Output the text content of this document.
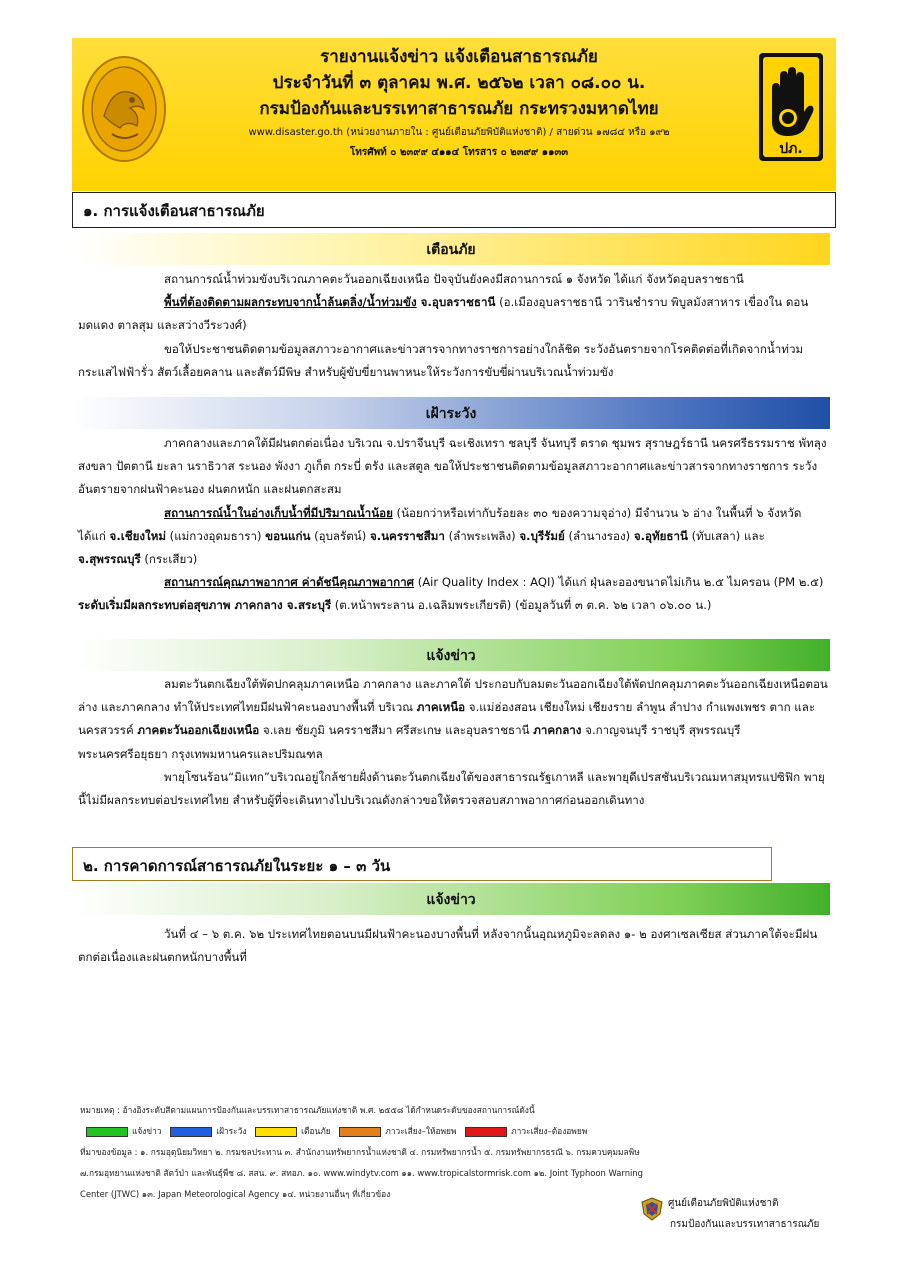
รายงานแจ้งข่าว แจ้งเตือนสาธารณภัย
ประจำวันที่ ๓ ตุลาคม พ.ศ. ๒๕๖๒ เวลา ๐๘.๐๐ น.
กรมป้องกันและบรรเทาสาธารณภัย กระทรวงมหาดไทย
www.disaster.go.th (หน่วยงานภายใน : ศูนย์เตือนภัยพิบัติแห่งชาติ) / สายด่วน ๑๗๘๔ หรือ ๑๙๒
โทรศัพท์ ๐ ๒๓๙๙ ๔๑๑๔ โทรสาร ๐ ๒๓๙๙ ๑๑๓๓	ปภ.
๑. การแจ้งเตือนสาธารณภัย
เตือนภัย

สถานการณ์น้ำท่วมขังบริเวณภาคตะวันออกเฉียงเหนือ ปัจจุบันยังคงมีสถานการณ์ ๑ จังหวัด ได้แก่ จังหวัดอุบลราชธานี

พื้นที่ต้องติดตามผลกระทบจากน้ำล้นตลิ่ง/น้ำท่วมขัง จ.อุบลราชธานี (อ.เมืองอุบลราชธานี วารินชำราบ พิบูลมังสาหาร เขื่องใน ดอนมดแดง ตาลสุม และสว่างวีระวงศ์)

ขอให้ประชาชนติดตามข้อมูลสภาวะอากาศและข่าวสารจากทางราชการอย่างใกล้ชิด ระวังอันตรายจากโรคติดต่อที่เกิดจากน้ำท่วม กระแสไฟฟ้ารั่ว สัตว์เลื้อยคลาน และสัตว์มีพิษ สำหรับผู้ขับขี่ยานพาหนะให้ระวังการขับขี่ผ่านบริเวณน้ำท่วมขัง

เฝ้าระวัง

ภาคกลางและภาคใต้มีฝนตกต่อเนื่อง บริเวณ จ.ปราจีนบุรี ฉะเชิงเทรา ชลบุรี จันทบุรี ตราด ชุมพร สุราษฎร์ธานี นครศรีธรรมราช พัทลุง สงขลา ปัตตานี ยะลา นราธิวาส ระนอง พังงา ภูเก็ต กระบี่ ตรัง และสตูล ขอให้ประชาชนติดตามข้อมูลสภาวะอากาศและข่าวสารจากทางราชการ ระวังอันตรายจากฝนฟ้าคะนอง ฝนตกหนัก และฝนตกสะสม

สถานการณ์น้ำในอ่างเก็บน้ำที่มีปริมาณน้ำน้อย (น้อยกว่าหรือเท่ากับร้อยละ ๓๐ ของความจุอ่าง) มีจำนวน ๖ อ่าง ในพื้นที่ ๖ จังหวัด ได้แก่ จ.เชียงใหม่ (แม่กวงอุดมธารา) ขอนแก่น (อุบลรัตน์) จ.นครราชสีมา (ลำพระเพลิง) จ.บุรีรัมย์ (ลำนางรอง) จ.อุทัยธานี (ทับเสลา) และ จ.สุพรรณบุรี (กระเสียว)

สถานการณ์คุณภาพอากาศ ค่าดัชนีคุณภาพอากาศ (Air Quality Index : AQI) ได้แก่ ฝุ่นละอองขนาดไม่เกิน ๒.๕ ไมครอน (PM ๒.๕) ระดับเริ่มมีผลกระทบต่อสุขภาพ ภาคกลาง จ.สระบุรี (ต.หน้าพระลาน อ.เฉลิมพระเกียรติ) (ข้อมูลวันที่ ๓ ต.ค. ๖๒ เวลา ๐๖.๐๐ น.)

แจ้งข่าว

ลมตะวันตกเฉียงใต้พัดปกคลุมภาคเหนือ ภาคกลาง และภาคใต้ ประกอบกับลมตะวันออกเฉียงใต้พัดปกคลุมภาคตะวันออกเฉียงเหนือตอนล่าง และภาคกลาง ทำให้ประเทศไทยมีฝนฟ้าคะนองบางพื้นที่ บริเวณ ภาคเหนือ จ.แม่ฮ่องสอน เชียงใหม่ เชียงราย ลำพูน ลำปาง กำแพงเพชร ตาก และนครสวรรค์ ภาคตะวันออกเฉียงเหนือ จ.เลย ชัยภูมิ นครราชสีมา ศรีสะเกษ และอุบลราชธานี ภาคกลาง จ.กาญจนบุรี ราชบุรี สุพรรณบุรี พระนครศรีอยุธยา กรุงเทพมหานครและปริมณฑล

พายุโซนร้อน“มิแทก”บริเวณอยู่ใกล้ชายฝั่งด้านตะวันตกเฉียงใต้ของสาธารณรัฐเกาหลี และพายุดีเปรสชันบริเวณมหาสมุทรแปซิฟิก พายุนี้ไม่มีผลกระทบต่อประเทศไทย สำหรับผู้ที่จะเดินทางไปบริเวณดังกล่าวขอให้ตรวจสอบสภาพอากาศก่อนออกเดินทาง

๒. การคาดการณ์สาธารณภัยในระยะ ๑ – ๓ วัน
แจ้งข่าว

วันที่ ๔ – ๖ ต.ค. ๖๒ ประเทศไทยตอนบนมีฝนฟ้าคะนองบางพื้นที่ หลังจากนั้นอุณหภูมิจะลดลง ๑- ๒ องศาเซลเซียส ส่วนภาคใต้จะมีฝนตกต่อเนื่องและฝนตกหนักบางพื้นที่

หมายเหตุ : อ้างอิงระดับสีตามแผนการป้องกันและบรรเทาสาธารณภัยแห่งชาติ พ.ศ. ๒๕๕๘ ได้กำหนดระดับของสถานการณ์ดังนี้
แจ้งข่าว	เฝ้าระวัง	เตือนภัย	ภาวะเสี่ยง–ให้อพยพ	ภาวะเสี่ยง–ต้องอพยพ
ที่มาของข้อมูล : ๑. กรมอุตุนิยมวิทยา ๒. กรมชลประทาน ๓. สำนักงานทรัพยากรน้ำแห่งชาติ ๔. กรมทรัพยากรน้ำ ๕. กรมทรัพยากรธรณี ๖. กรมควบคุมมลพิษ
๗.กรมอุทยานแห่งชาติ สัตว์ป่า และพันธุ์พืช ๘. สสน. ๙. สทอภ. ๑๐. www.windytv.com ๑๑. www.tropicalstormrisk.com ๑๒. Joint Typhoon Warning
Center (JTWC) ๑๓. Japan Meteorological Agency ๑๔. หน่วยงานอื่นๆ ที่เกี่ยวข้อง
ศูนย์เตือนภัยพิบัติแห่งชาติ
กรมป้องกันและบรรเทาสาธารณภัย
